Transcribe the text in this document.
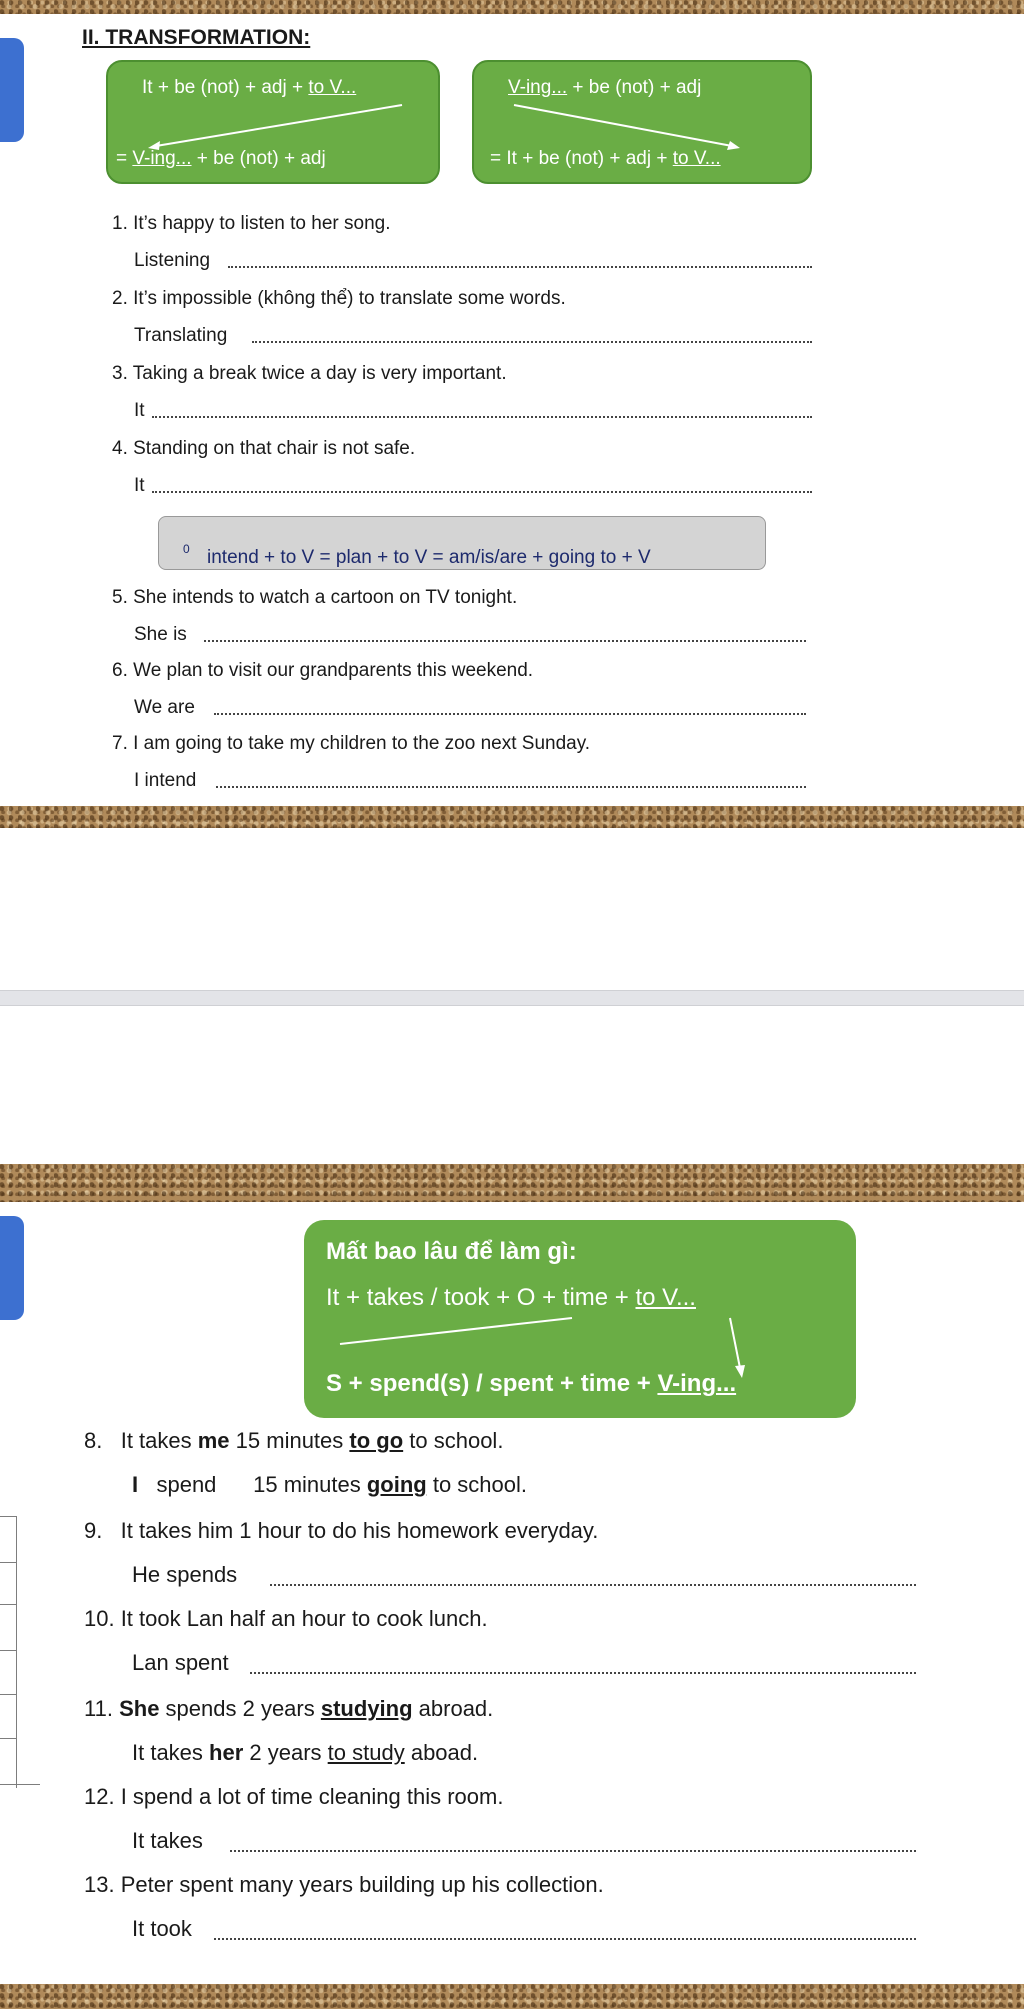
II. TRANSFORMATION:
It + be (not) + adj + to V...
= V-ing... + be (not) + adj
V-ing... + be (not) + adj
= It + be (not) + adj + to V...
1. It’s happy to listen to her song.
Listening
2. It’s impossible (không thể) to translate some words.
Translating
3. Taking a break twice a day is very important.
It
4. Standing on that chair is not safe.
It
intend + to V = plan + to V = am/is/are + going to + V
$_0$
5. She intends to watch a cartoon on TV tonight.
She is
6. We plan to visit our grandparents this weekend.
We are
7. I am going to take my children to the zoo next Sunday.
I intend
Mất bao lâu để làm gì:
It + takes / took + O + time + to V...
S + spend(s) / spent + time + V-ing...
8. It takes me 15 minutes to go to school.
I spend 15 minutes going to school.
9.   It takes him 1 hour to do his homework everyday.
He spends
10. It took Lan half an hour to cook lunch.
Lan spent
11. She spends 2 years studying abroad.
It takes her 2 years to study aboad.
12. I spend a lot of time cleaning this room.
It takes
13. Peter spent many years building up his collection.
It took
